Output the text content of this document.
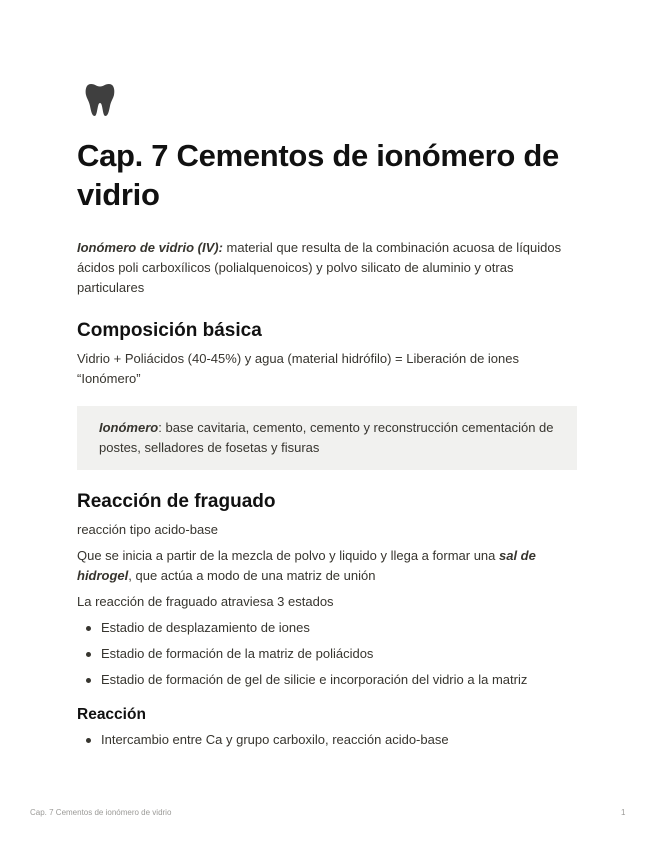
Cap. 7 Cementos de ionómero de vidrio

Ionómero de vidrio (IV): material que resulta de la combinación acuosa de líquidos ácidos poli carboxílicos (polialquenoicos) y polvo silicato de aluminio y otras particulares

Composición básica

Vidrio + Poliácidos (40-45%) y agua (material hidrófilo) = Liberación de iones “Ionómero”

Ionómero: base cavitaria, cemento, cemento y reconstrucción cementación de postes, selladores de fosetas y fisuras
Reacción de fraguado

reacción tipo acido-base

Que se inicia a partir de la mezcla de polvo y liquido y llega a formar una sal de hidrogel, que actúa a modo de una matriz de unión

La reacción de fraguado atraviesa 3 estados

Estadio de desplazamiento de iones
Estadio de formación de la matriz de poliácidos
Estadio de formación de gel de silicie e incorporación del vidrio a la matriz
Reacción
Intercambio entre Ca y grupo carboxilo, reacción acido-base
Cap. 7 Cementos de ionómero de vidrio	1
